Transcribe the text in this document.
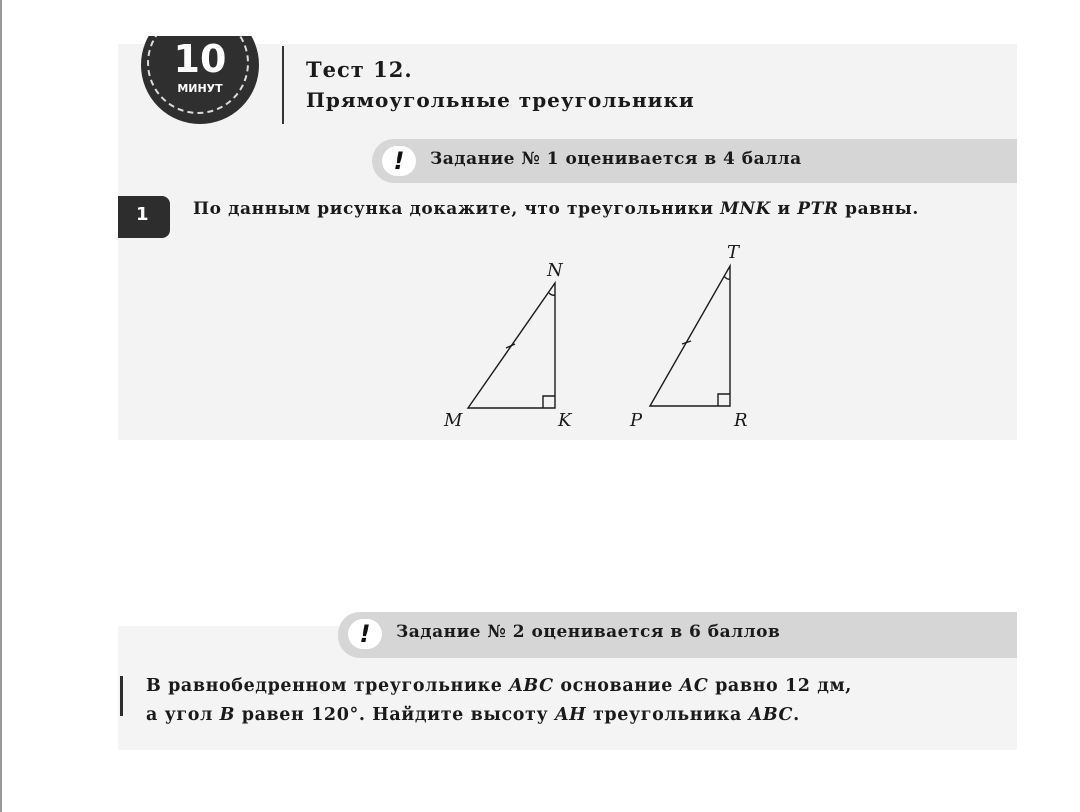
10
МИНУТ
Тест 12.
Прямоугольные треугольники
!	Задание № 1 оценивается в 4 балла
1	По данным рисунка докажите, что треугольники MNK и PTR равны.
N
M	K
T
P	R
!	Задание № 2 оценивается в 6 баллов
В равнобедренном треугольнике ABC основание AC равно 12 дм,
а угол B равен 120°. Найдите высоту AH треугольника ABC.
